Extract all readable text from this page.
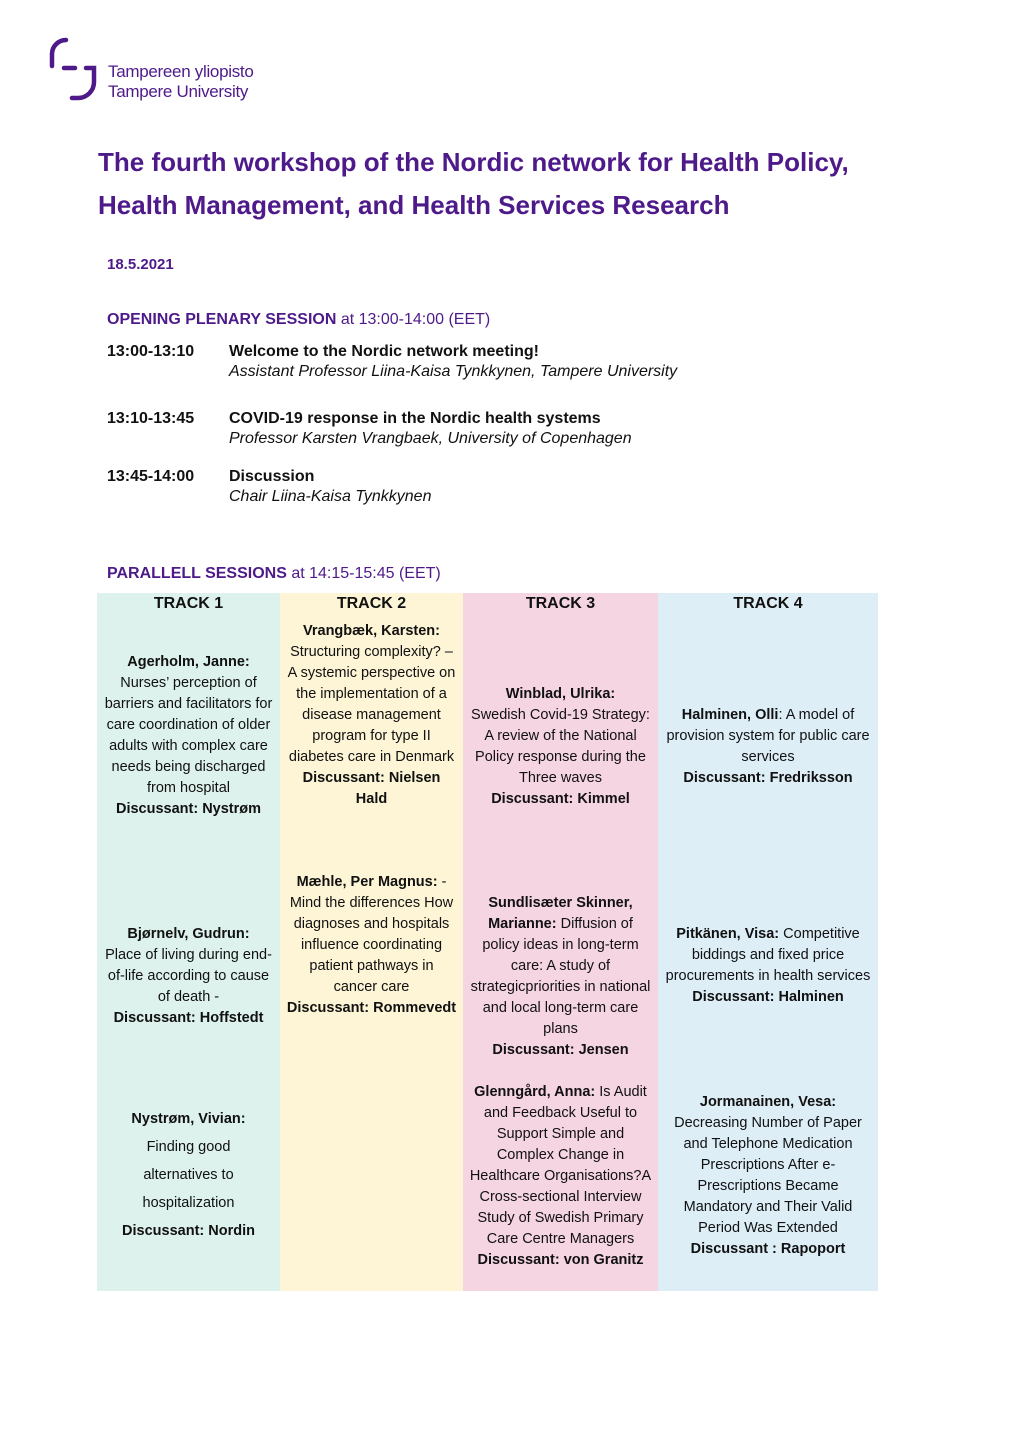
Tampereen yliopisto
Tampere University
The fourth workshop of the Nordic network for Health Policy,
Health Management, and Health Services Research
18.5.2021
OPENING PLENARY SESSION at 13:00-14:00 (EET)
13:00-13:10 Welcome to the Nordic network meeting!
Assistant Professor Liina-Kaisa Tynkkynen, Tampere University
13:10-13:45 COVID-19 response in the Nordic health systems
Professor Karsten Vrangbaek, University of Copenhagen
13:45-14:00 Discussion
Chair Liina-Kaisa Tynkkynen
PARALLELL SESSIONS at 14:15-15:45 (EET)
TRACK 1
Agerholm, Janne:
Nurses’ perception of barriers and facilitators for care coordination of older adults with complex care needs being discharged from hospital
Discussant: Nystrøm
Bjørnelv, Gudrun:
Place of living during end-of-life according to cause of death -
Discussant: Hoffstedt
Nystrøm, Vivian: Finding good alternatives to hospitalization
Discussant: Nordin
TRACK 2
Vrangbæk, Karsten:
Structuring complexity? –A systemic perspective on the implementation of a disease management program for type II diabetes care in Denmark
Discussant: Nielsen Hald
Mæhle, Per Magnus: - Mind the differences How diagnoses and hospitals influence coordinating patient pathways in cancer care
Discussant: Rommevedt
TRACK 3
Winblad, Ulrika:
Swedish Covid-19 Strategy: A review of the National Policy response during the Three waves
Discussant: Kimmel
Sundlisæter Skinner, Marianne: Diffusion of policy ideas in long-term care: A study of strategicpriorities in national and local long-term care plans
Discussant: Jensen
Glenngård, Anna: Is Audit and Feedback Useful to Support Simple and Complex Change in Healthcare Organisations?A Cross-sectional Interview Study of Swedish Primary Care Centre Managers
Discussant: von Granitz
TRACK 4
Halminen, Olli: A model of provision system for public care services
Discussant: Fredriksson
Pitkänen, Visa: Competitive biddings and fixed price procurements in health services
Discussant: Halminen
Jormanainen, Vesa:
Decreasing Number of Paper and Telephone Medication Prescriptions After e-Prescriptions Became Mandatory and Their Valid Period Was Extended Discussant : Rapoport
